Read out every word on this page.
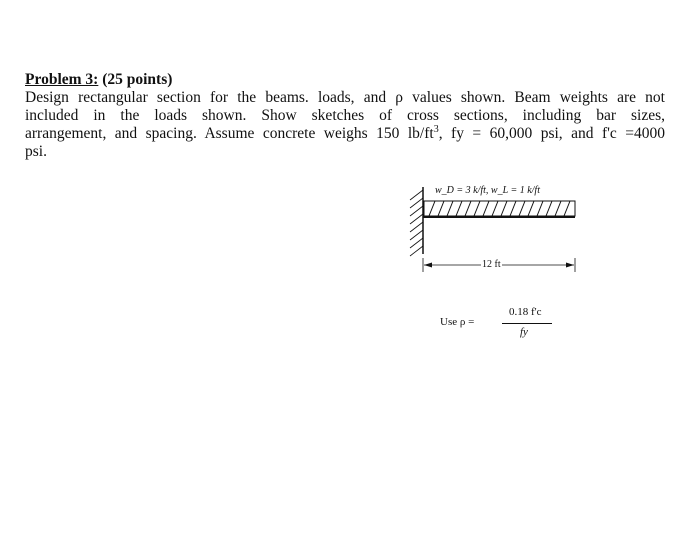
Problem 3: (25 points)

Design rectangular section for the beams. loads, and ρ values shown. Beam weights are not
included in the loads shown. Show sketches of cross sections, including bar sizes,
arrangement, and spacing. Assume concrete weighs 150 $lb/ft^3$, fy = 60,000 psi, and f'c =4000
psi.

w_D = 3 k/ft, w_L = 1 k/ft
12 ft
Use ρ =
0.18 f'c
fy
